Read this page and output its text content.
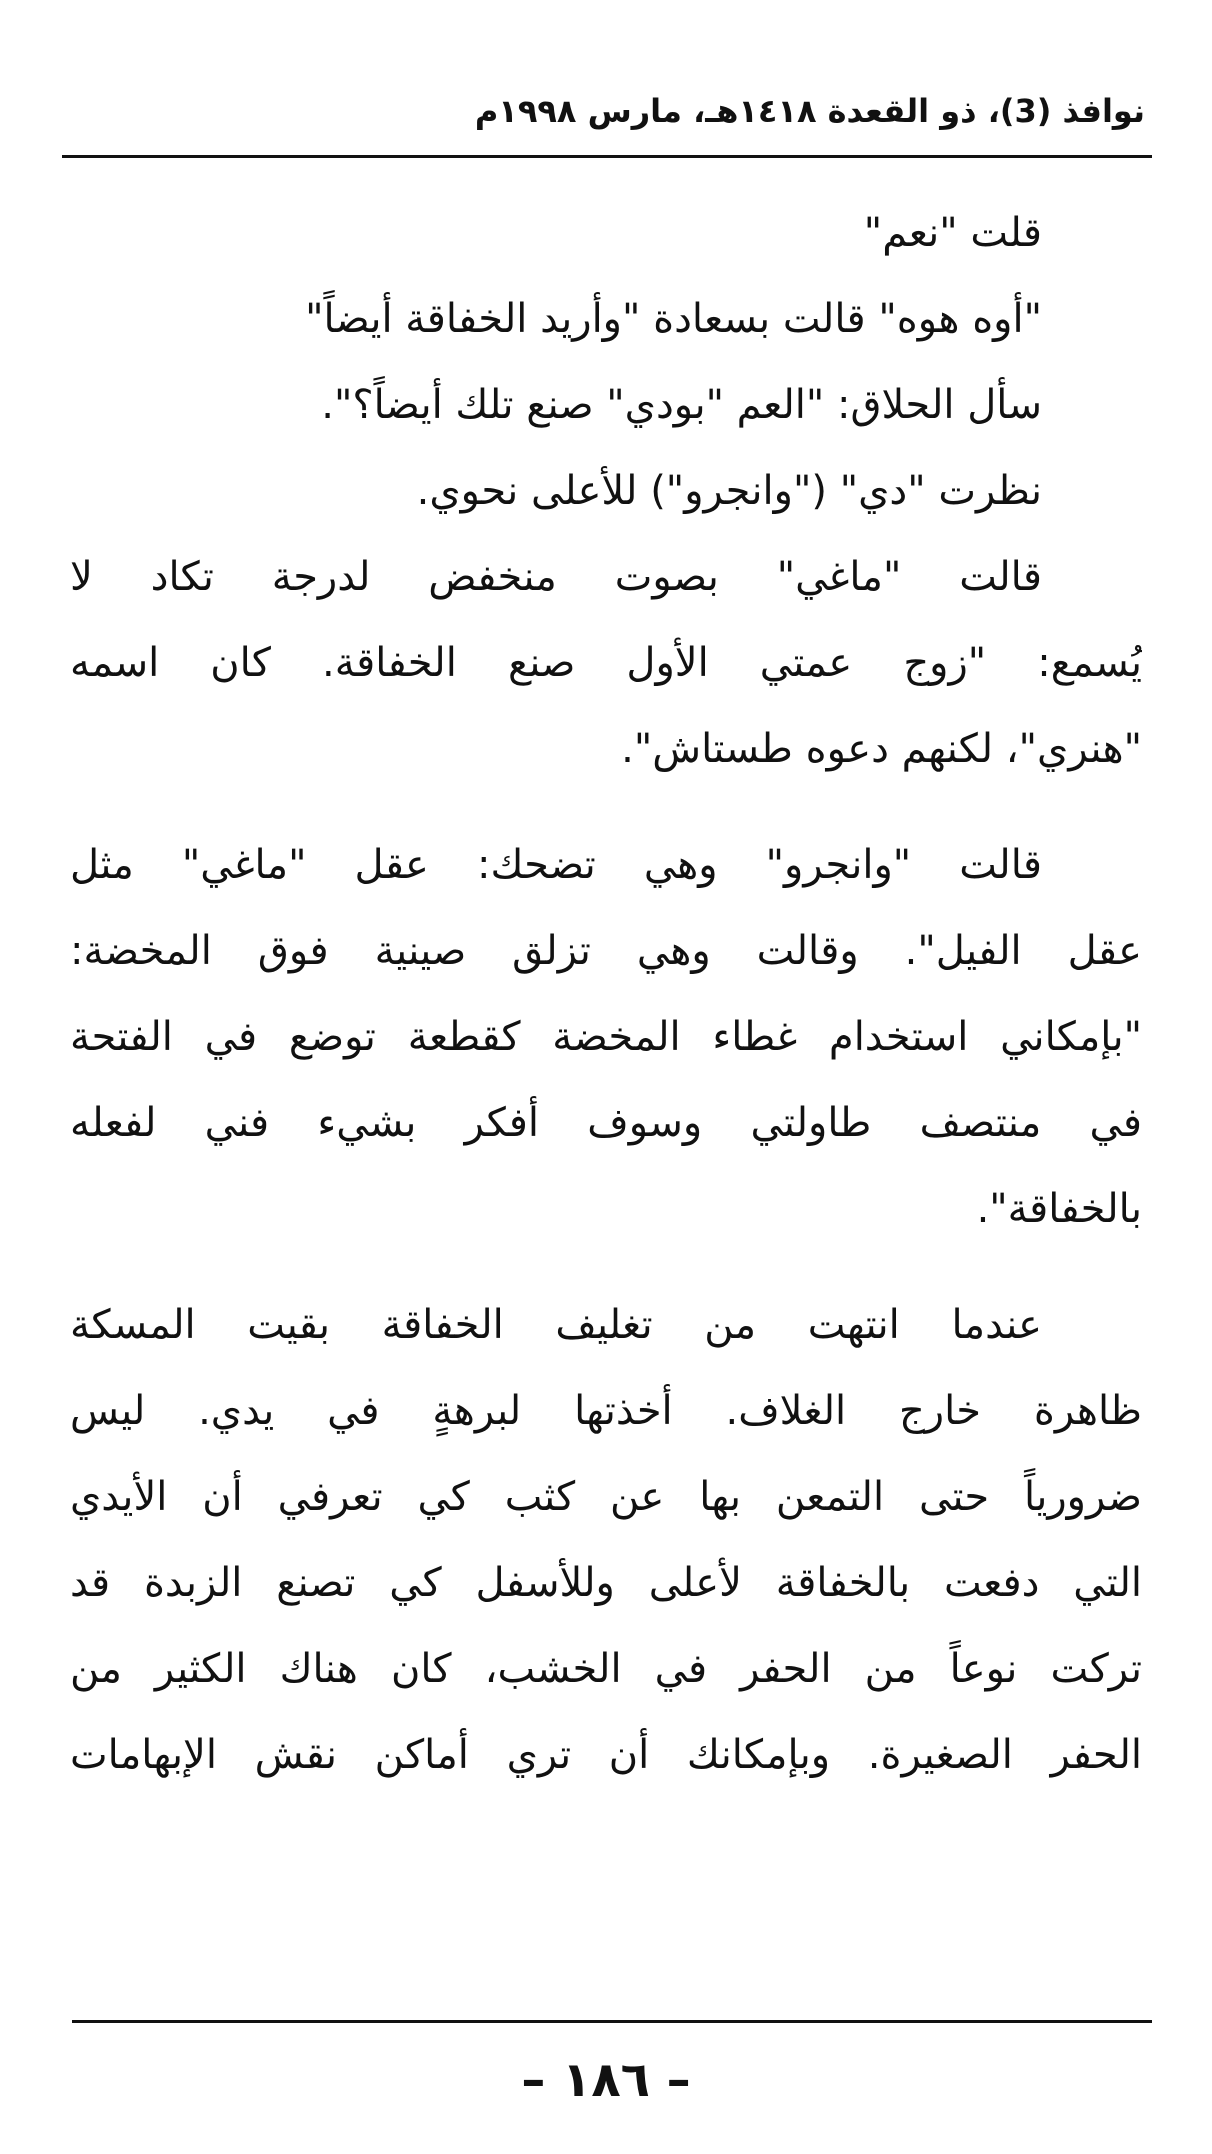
نوافذ (3)، ذو القعدة ١٤١٨هـ، مارس ١٩٩٨م
قلت "نعم"
"أوه هوه" قالت بسعادة "وأريد الخفاقة أيضاً"
سأل الحلاق: "العم "بودي" صنع تلك أيضاً؟".
نظرت "دي" ("وانجرو") للأعلى نحوي.
قالت "ماغي" بصوت منخفض لدرجة تكاد لا
يُسمع: "زوج عمتي الأول صنع الخفاقة. كان اسمه
"هنري"، لكنهم دعوه طستاش".
قالت "وانجرو" وهي تضحك: عقل "ماغي" مثل
عقل الفيل". وقالت وهي تزلق صينية فوق المخضة:
"بإمكاني استخدام غطاء المخضة كقطعة توضع في الفتحة
في منتصف طاولتي وسوف أفكر بشيء فني لفعله
بالخفاقة".
عندما انتهت من تغليف الخفاقة بقيت المسكة
ظاهرة خارج الغلاف. أخذتها لبرهةٍ في يدي. ليس
ضرورياً حتى التمعن بها عن كثب كي تعرفي أن الأيدي
التي دفعت بالخفاقة لأعلى وللأسفل كي تصنع الزبدة قد
تركت نوعاً من الحفر في الخشب، كان هناك الكثير من
الحفر الصغيرة. وبإمكانك أن تري أماكن نقش الإبهامات
– ١٨٦ –
